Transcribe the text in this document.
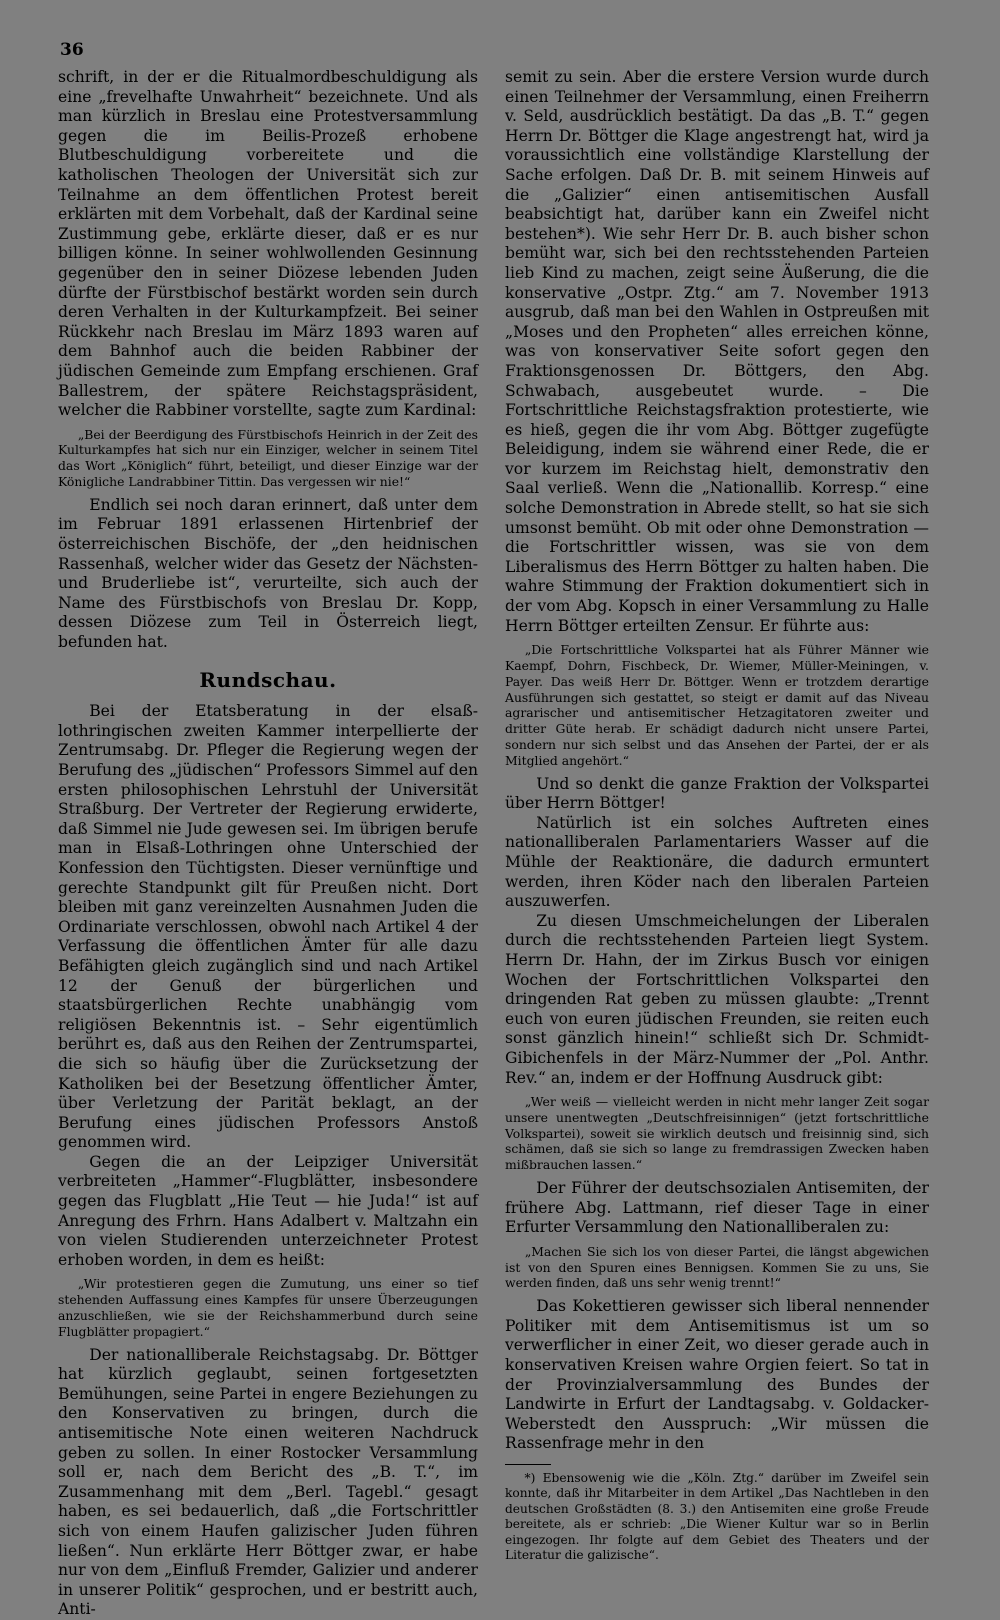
36

schrift, in der er die Ritualmordbeschuldigung als eine „frevelhafte Unwahrheit“ bezeichnete. Und als man kürzlich in Breslau eine Protestversammlung gegen die im Beilis-Prozeß erhobene Blutbeschuldigung vorbereitete und die katholischen Theologen der Universität sich zur Teilnahme an dem öffentlichen Protest bereit erklärten mit dem Vorbehalt, daß der Kardinal seine Zustimmung gebe, erklärte dieser, daß er es nur billigen könne. In seiner wohlwollenden Gesinnung gegenüber den in seiner Diözese lebenden Juden dürfte der Fürstbischof bestärkt worden sein durch deren Verhalten in der Kulturkampfzeit. Bei seiner Rückkehr nach Breslau im März 1893 waren auf dem Bahnhof auch die beiden Rabbiner der jüdischen Gemeinde zum Empfang erschienen. Graf Ballestrem, der spätere Reichstagspräsident, welcher die Rabbiner vorstellte, sagte zum Kardinal:

„Bei der Beerdigung des Fürstbischofs Heinrich in der Zeit des Kulturkampfes hat sich nur ein Einziger, welcher in seinem Titel das Wort „Königlich“ führt, beteiligt, und dieser Einzige war der Königliche Landrabbiner Tittin. Das vergessen wir nie!“

Endlich sei noch daran erinnert, daß unter dem im Februar 1891 erlassenen Hirtenbrief der österreichischen Bischöfe, der „den heidnischen Rassenhaß, welcher wider das Gesetz der Nächsten- und Bruderliebe ist“, verurteilte, sich auch der Name des Fürstbischofs von Breslau Dr. Kopp, dessen Diözese zum Teil in Österreich liegt, befunden hat.

Rundschau.

Bei der Etatsberatung in der elsaß-lothringischen zweiten Kammer interpellierte der Zentrumsabg. Dr. Pfleger die Regierung wegen der Berufung des „jüdischen“ Professors Simmel auf den ersten philosophischen Lehrstuhl der Universität Straßburg. Der Vertreter der Regierung erwiderte, daß Simmel nie Jude gewesen sei. Im übrigen berufe man in Elsaß-Lothringen ohne Unterschied der Konfession den Tüchtigsten. Dieser vernünftige und gerechte Standpunkt gilt für Preußen nicht. Dort bleiben mit ganz vereinzelten Ausnahmen Juden die Ordinariate verschlossen, obwohl nach Artikel 4 der Verfassung die öffentlichen Ämter für alle dazu Befähigten gleich zugänglich sind und nach Artikel 12 der Genuß der bürgerlichen und staatsbürgerlichen Rechte unabhängig vom religiösen Bekenntnis ist. – Sehr eigentümlich berührt es, daß aus den Reihen der Zentrumspartei, die sich so häufig über die Zurücksetzung der Katholiken bei der Besetzung öffentlicher Ämter, über Verletzung der Parität beklagt, an der Berufung eines jüdischen Professors Anstoß genommen wird.

Gegen die an der Leipziger Universität verbreiteten „Hammer“-Flugblätter, insbesondere gegen das Flugblatt „Hie Teut — hie Juda!“ ist auf Anregung des Frhrn. Hans Adalbert v. Maltzahn ein von vielen Studierenden unterzeichneter Protest erhoben worden, in dem es heißt:

„Wir protestieren gegen die Zumutung, uns einer so tief stehenden Auffassung eines Kampfes für unsere Überzeugungen anzuschließen, wie sie der Reichshammerbund durch seine Flugblätter propagiert.“

Der nationalliberale Reichstagsabg. Dr. Böttger hat kürzlich geglaubt, seinen fortgesetzten Bemühungen, seine Partei in engere Beziehungen zu den Konservativen zu bringen, durch die antisemitische Note einen weiteren Nachdruck geben zu sollen. In einer Rostocker Versammlung soll er, nach dem Bericht des „B. T.“, im Zusammenhang mit dem „Berl. Tagebl.“ gesagt haben, es sei bedauerlich, daß „die Fortschrittler sich von einem Haufen galizischer Juden führen ließen“. Nun erklärte Herr Böttger zwar, er habe nur von dem „Einfluß Fremder, Galizier und anderer in unserer Politik“ gesprochen, und er bestritt auch, Anti-

semit zu sein. Aber die erstere Version wurde durch einen Teilnehmer der Versammlung, einen Freiherrn v. Seld, ausdrücklich bestätigt. Da das „B. T.“ gegen Herrn Dr. Böttger die Klage angestrengt hat, wird ja voraussichtlich eine vollständige Klarstellung der Sache erfolgen. Daß Dr. B. mit seinem Hinweis auf die „Galizier“ einen antisemitischen Ausfall beabsichtigt hat, darüber kann ein Zweifel nicht bestehen*). Wie sehr Herr Dr. B. auch bisher schon bemüht war, sich bei den rechtsstehenden Parteien lieb Kind zu machen, zeigt seine Äußerung, die die konservative „Ostpr. Ztg.“ am 7. November 1913 ausgrub, daß man bei den Wahlen in Ostpreußen mit „Moses und den Propheten“ alles erreichen könne, was von konservativer Seite sofort gegen den Fraktionsgenossen Dr. Böttgers, den Abg. Schwabach, ausgebeutet wurde. – Die Fortschrittliche Reichstagsfraktion protestierte, wie es hieß, gegen die ihr vom Abg. Böttger zugefügte Beleidigung, indem sie während einer Rede, die er vor kurzem im Reichstag hielt, demonstrativ den Saal verließ. Wenn die „Nationallib. Korresp.“ eine solche Demonstration in Abrede stellt, so hat sie sich umsonst bemüht. Ob mit oder ohne Demonstration — die Fortschrittler wissen, was sie von dem Liberalismus des Herrn Böttger zu halten haben. Die wahre Stimmung der Fraktion dokumentiert sich in der vom Abg. Kopsch in einer Versammlung zu Halle Herrn Böttger erteilten Zensur. Er führte aus:

„Die Fortschrittliche Volkspartei hat als Führer Männer wie Kaempf, Dohrn, Fischbeck, Dr. Wiemer, Müller-Meiningen, v. Payer. Das weiß Herr Dr. Böttger. Wenn er trotzdem derartige Ausführungen sich gestattet, so steigt er damit auf das Niveau agrarischer und antisemitischer Hetzagitatoren zweiter und dritter Güte herab. Er schädigt dadurch nicht unsere Partei, sondern nur sich selbst und das Ansehen der Partei, der er als Mitglied angehört.“

Und so denkt die ganze Fraktion der Volkspartei über Herrn Böttger!

Natürlich ist ein solches Auftreten eines nationalliberalen Parlamentariers Wasser auf die Mühle der Reaktionäre, die dadurch ermuntert werden, ihren Köder nach den liberalen Parteien auszuwerfen.

Zu diesen Umschmeichelungen der Liberalen durch die rechtsstehenden Parteien liegt System. Herrn Dr. Hahn, der im Zirkus Busch vor einigen Wochen der Fortschrittlichen Volkspartei den dringenden Rat geben zu müssen glaubte: „Trennt euch von euren jüdischen Freunden, sie reiten euch sonst gänzlich hinein!“ schließt sich Dr. Schmidt-Gibichenfels in der März-Nummer der „Pol. Anthr. Rev.“ an, indem er der Hoffnung Ausdruck gibt:

„Wer weiß — vielleicht werden in nicht mehr langer Zeit sogar unsere unentwegten „Deutschfreisinnigen“ (jetzt fortschrittliche Volkspartei), soweit sie wirklich deutsch und freisinnig sind, sich schämen, daß sie sich so lange zu fremdrassigen Zwecken haben mißbrauchen lassen.“

Der Führer der deutschsozialen Antisemiten, der frühere Abg. Lattmann, rief dieser Tage in einer Erfurter Versammlung den Nationalliberalen zu:

„Machen Sie sich los von dieser Partei, die längst abgewichen ist von den Spuren eines Bennigsen. Kommen Sie zu uns, Sie werden finden, daß uns sehr wenig trennt!“

Das Kokettieren gewisser sich liberal nennender Politiker mit dem Antisemitismus ist um so verwerflicher in einer Zeit, wo dieser gerade auch in konservativen Kreisen wahre Orgien feiert. So tat in der Provinzialversammlung des Bundes der Landwirte in Erfurt der Landtagsabg. v. Goldacker-Weberstedt den Ausspruch: „Wir müssen die Rassenfrage mehr in den

*) Ebensowenig wie die „Köln. Ztg.“ darüber im Zweifel sein konnte, daß ihr Mitarbeiter in dem Artikel „Das Nachtleben in den deutschen Großstädten (8. 3.) den Antisemiten eine große Freude bereitete, als er schrieb: „Die Wiener Kultur war so in Berlin eingezogen. Ihr folgte auf dem Gebiet des Theaters und der Literatur die galizische“.
